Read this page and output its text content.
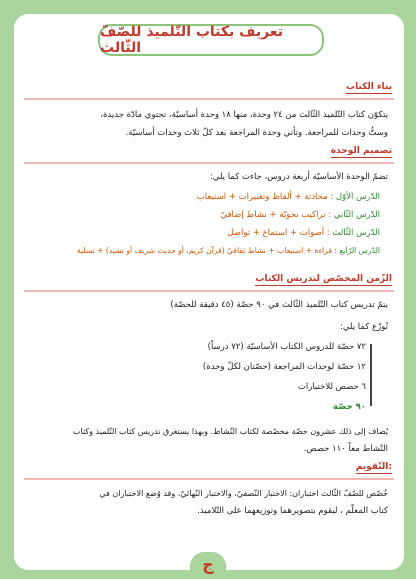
تعريف بكتاب التّلميذ للصّفّ الثّالث
بناء الكتاب
يتكوّن كتاب التّلميذ الثّالث من ٢٤ وحدة، منها ١٨ وحدة أساسيّة، تحتوي مادّة جديدة،
وستُّ وحدات للمراجعة. وتأتي وحدة المراجعة بعد كلّ ثلاث وحدات أساسيّة.
تصميم الوحدة
تضمّ الوحدة الأساسيّة أربعة دروس، جاءت كما يلي:
الدّرس الأوّل : محادثة + ألفاظ وتعبيرات + استيعاب
الدّرس الثّاني : تراكيب نحويّة + نشاط إضافيّ
الدّرس الثّالث : أصوات + استماع + تواصل
الدّرس الرّابع : قراءة + استيعاب + نشاط ثقافيّ (قرآن كريم، أو حديث شريف أو نشيد) + تسلية
الزّمن المخصّص لتدريس الكتاب
يتمّ تدريس كتاب التّلميذ الثّالث في ٩٠ حصّة (٤٥ دقيقة للحصّة)
تُوزّع كما يلي:
٧٢ حصّة للدروس الكتاب الأساسيّة (٧٢ درساً)
١٢ حصّة لوحدات المراجعة (حصّتان لكلّ وحدة)
٦ حصص للاختبارات
٩٠ حصّة
يُضاف إلى ذلك عشرون حصّة مخصّصة لكتاب النّشاط. وبهذا يستغرق تدريس كتاب التّلميذ وكتاب
النّشاط معاً ١١٠ حصص.
التّقويم:
خُصّص للصّفّ الثّالث اختباران: الاختبار النّصفيّ، والاختبار النّهائيّ، وقد وُضع الاختباران في
كتاب المعلّم ، ليقوم بتصويرهما وتوزيعهما على التّلاميذ.
ج
